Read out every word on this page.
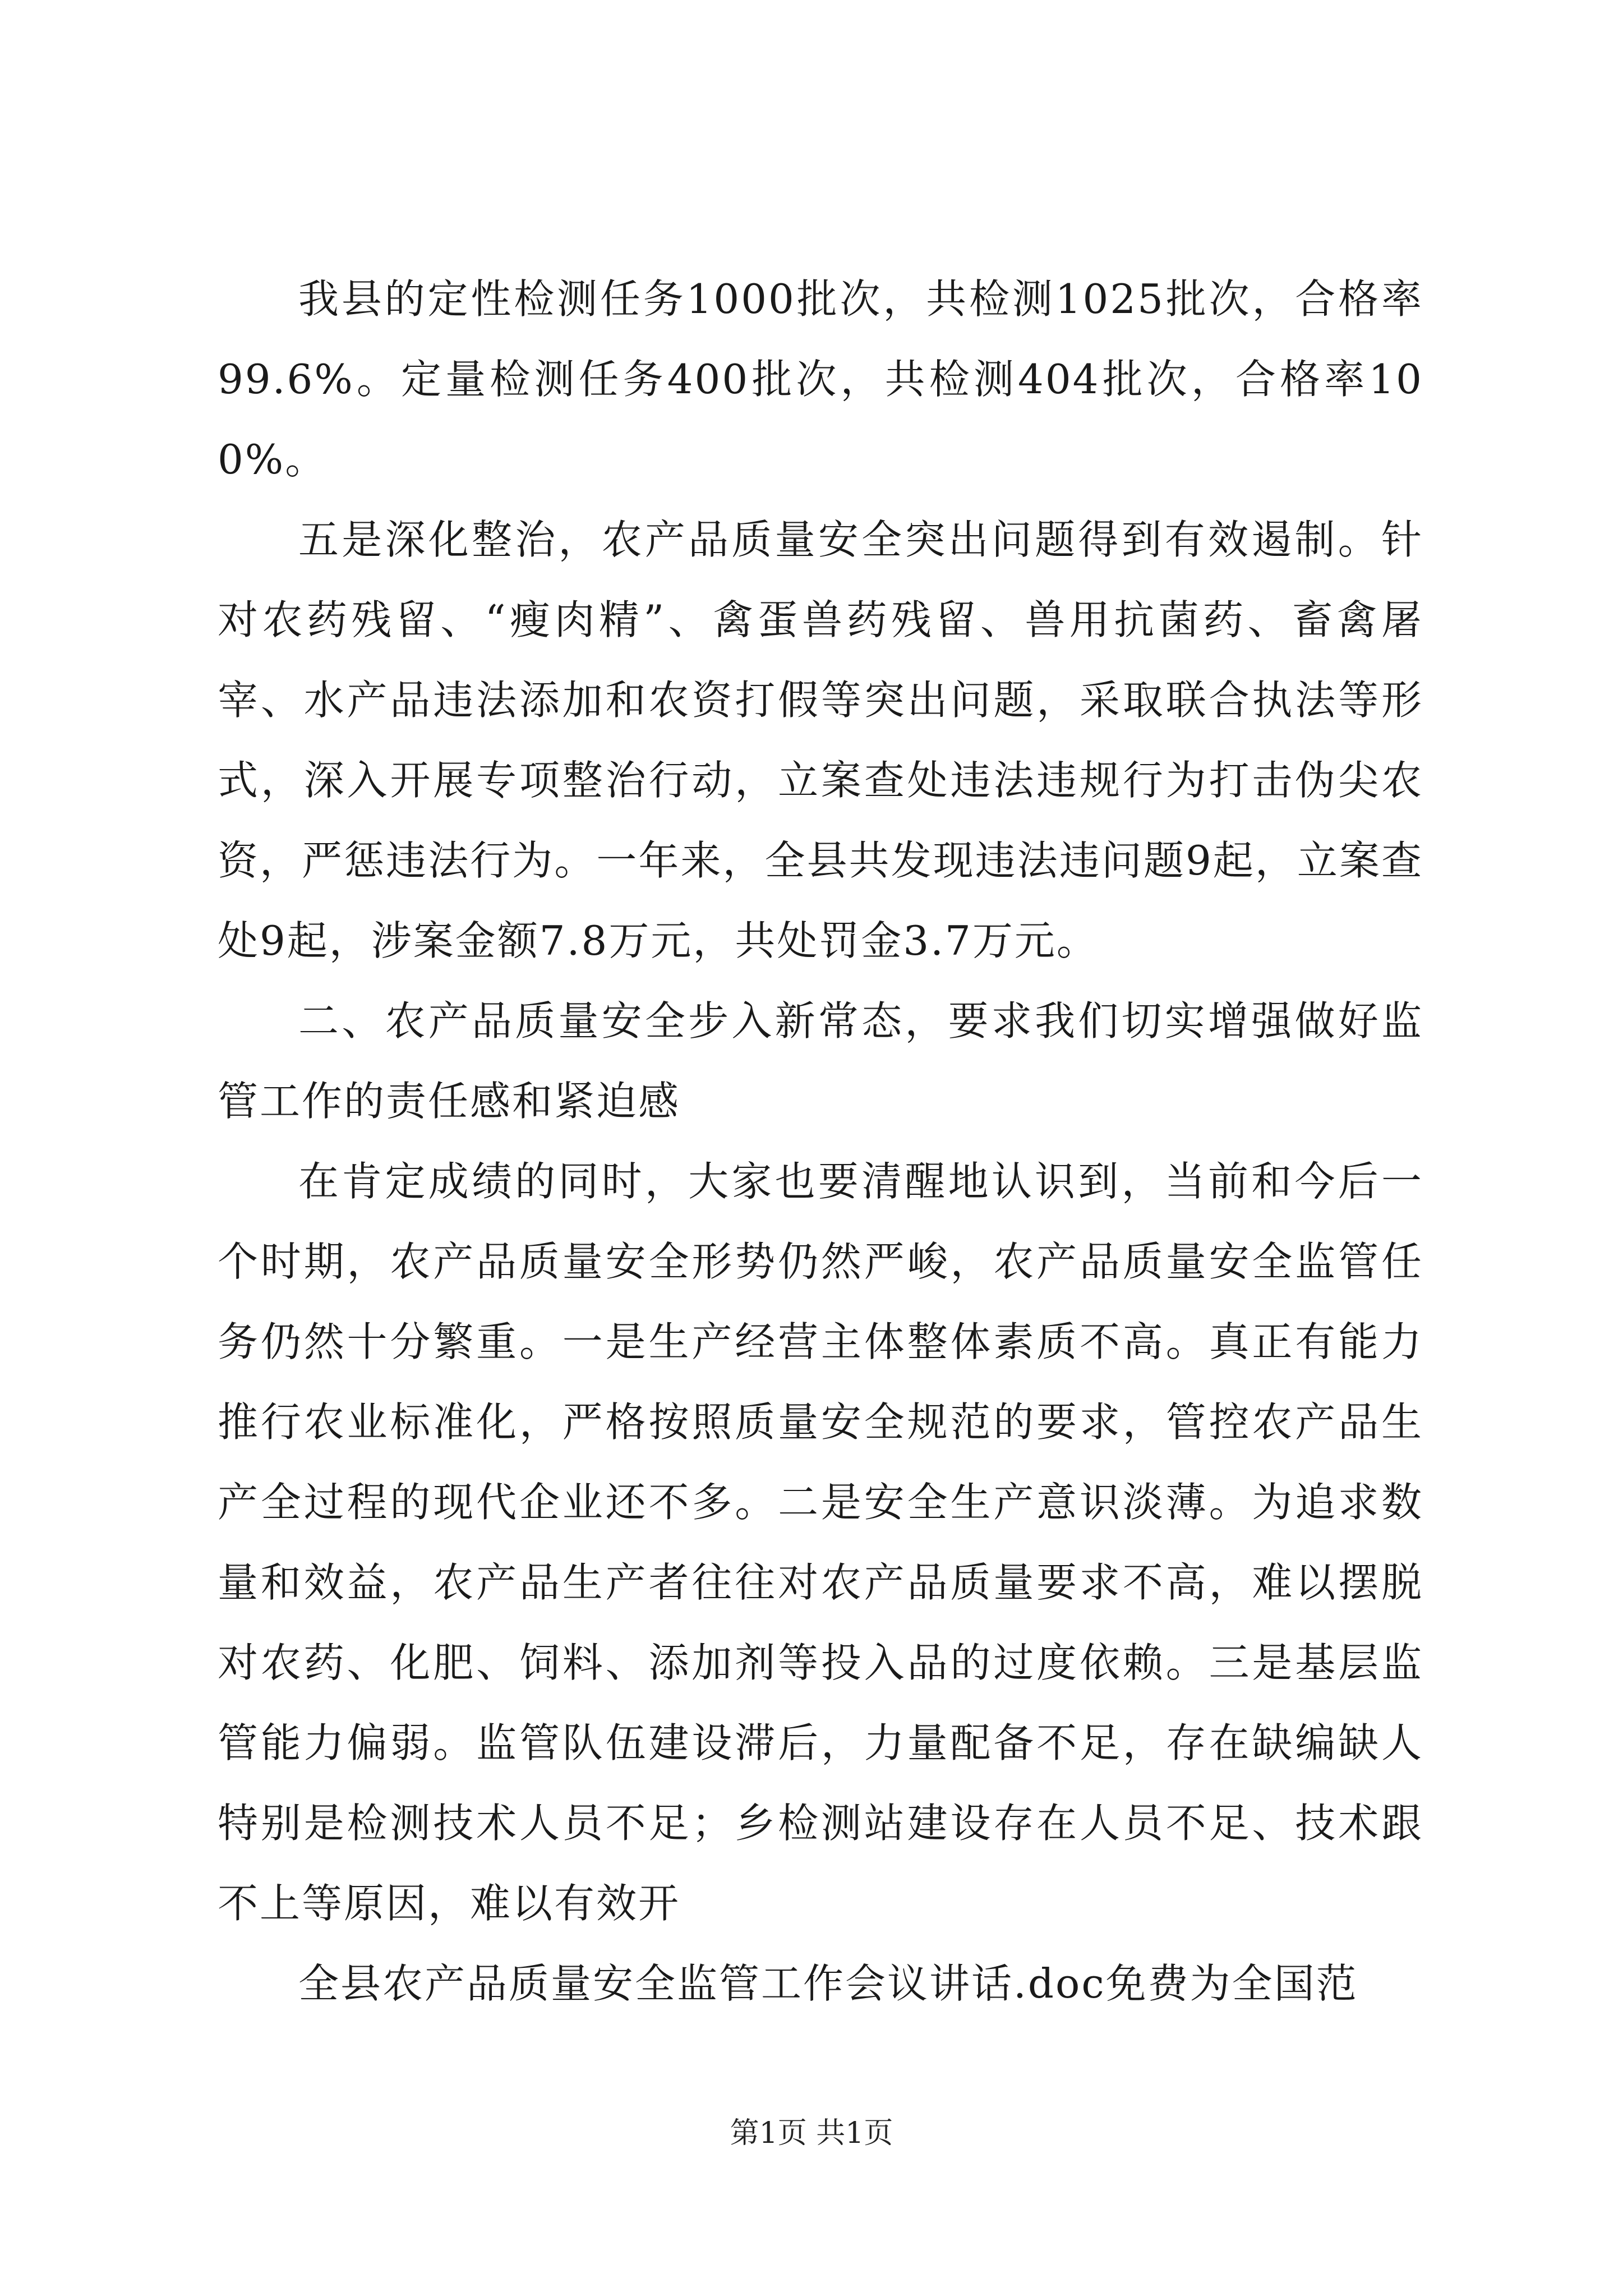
我县的定性检测任务1000批次，共检测1025批次，合格率99.6%。定量检测任务400批次，共检测404批次，合格率100%。

五是深化整治，农产品质量安全突出问题得到有效遏制。针对农药残留、“瘦肉精”、禽蛋兽药残留、兽用抗菌药、畜禽屠宰、水产品违法添加和农资打假等突出问题，采取联合执法等形式，深入开展专项整治行动，立案查处违法违规行为打击伪尖农资，严惩违法行为。一年来，全县共发现违法违问题9起，立案查处9起，涉案金额7.8万元，共处罚金3.7万元。

二、农产品质量安全步入新常态，要求我们切实增强做好监管工作的责任感和紧迫感

在肯定成绩的同时，大家也要清醒地认识到，当前和今后一个时期，农产品质量安全形势仍然严峻，农产品质量安全监管任务仍然十分繁重。一是生产经营主体整体素质不高。真正有能力推行农业标准化，严格按照质量安全规范的要求，管控农产品生产全过程的现代企业还不多。二是安全生产意识淡薄。为追求数量和效益，农产品生产者往往对农产品质量要求不高，难以摆脱对农药、化肥、饲料、添加剂等投入品的过度依赖。三是基层监管能力偏弱。监管队伍建设滞后，力量配备不足，存在缺编缺人特别是检测技术人员不足；乡检测站建设存在人员不足、技术跟不上等原因，难以有效开

全县农产品质量安全监管工作会议讲话.doc免费为全国范

第1页 共1页
